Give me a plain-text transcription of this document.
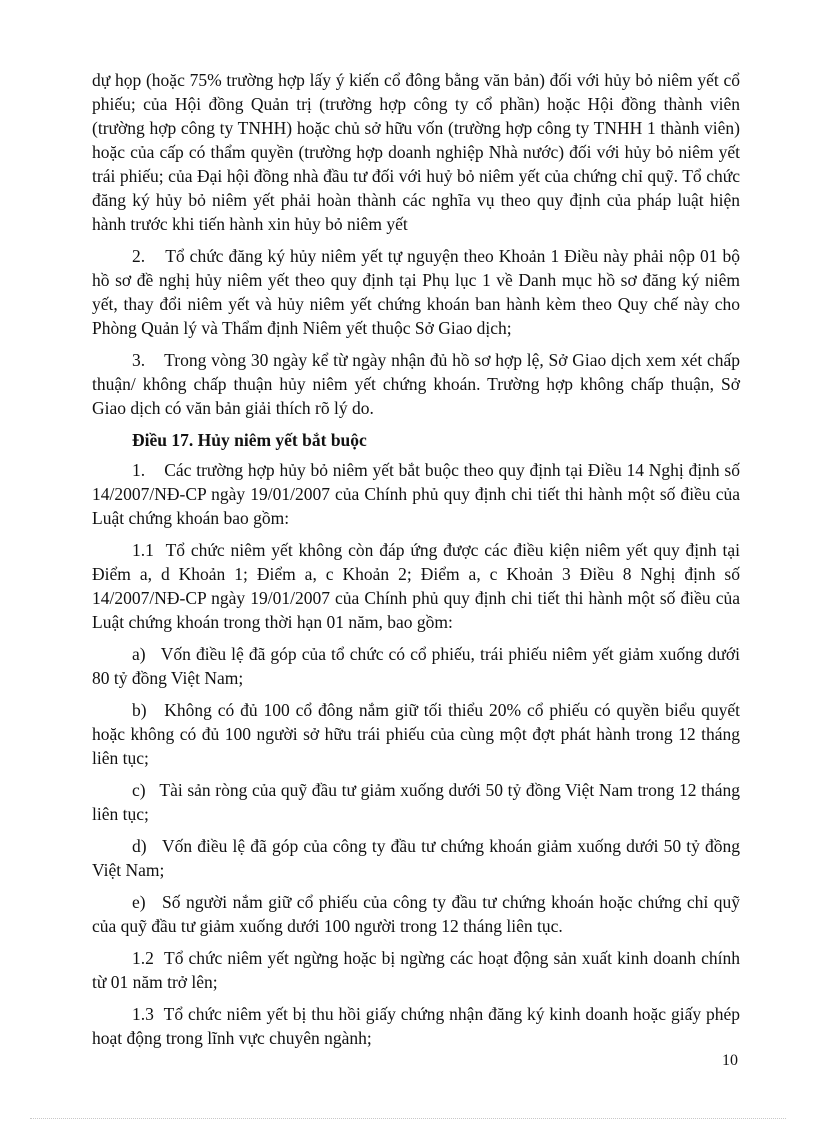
dự họp (hoặc 75% trường hợp lấy ý kiến cổ đông bằng văn bản) đối với hủy bỏ niêm yết cổ phiếu; của Hội đồng Quản trị (trường hợp công ty cổ phần) hoặc Hội đồng thành viên (trường hợp công ty TNHH) hoặc chủ sở hữu vốn (trường hợp công ty TNHH 1 thành viên) hoặc của cấp có thẩm quyền (trường hợp doanh nghiệp Nhà nước) đối với hủy bỏ niêm yết trái phiếu; của Đại hội đồng nhà đầu tư đối với huỷ bỏ niêm yết của chứng chỉ quỹ. Tổ chức đăng ký hủy bỏ niêm yết phải hoàn thành các nghĩa vụ theo quy định của pháp luật hiện hành trước khi tiến hành xin hủy bỏ niêm yết

2.    Tổ chức đăng ký hủy niêm yết tự nguyện theo Khoản 1 Điều này phải nộp 01 bộ hồ sơ đề nghị hủy niêm yết theo quy định tại Phụ lục 1 về Danh mục hồ sơ đăng ký niêm yết, thay đổi niêm yết và hủy niêm yết chứng khoán ban hành kèm theo Quy chế này cho Phòng Quản lý và Thẩm định Niêm yết thuộc Sở Giao dịch;

3.    Trong vòng 30 ngày kể từ ngày nhận đủ hồ sơ hợp lệ, Sở Giao dịch xem xét chấp thuận/ không chấp thuận hủy niêm yết chứng khoán. Trường hợp không chấp thuận, Sở Giao dịch có văn bản giải thích rõ lý do.

Điều 17. Hủy niêm yết bắt buộc

1.    Các trường hợp hủy bỏ niêm yết bắt buộc theo quy định tại Điều 14 Nghị định số 14/2007/NĐ-CP ngày 19/01/2007 của Chính phủ quy định chi tiết thi hành một số điều của Luật chứng khoán bao gồm:

1.1  Tổ chức niêm yết không còn đáp ứng được các điều kiện niêm yết quy định tại Điểm a, d Khoản 1; Điểm a, c Khoản 2; Điểm a, c Khoản 3 Điều 8 Nghị định số 14/2007/NĐ-CP ngày 19/01/2007 của Chính phủ quy định chi tiết thi hành một số điều của Luật chứng khoán trong thời hạn 01 năm, bao gồm:

a)   Vốn điều lệ đã góp của tổ chức có cổ phiếu, trái phiếu niêm yết giảm xuống dưới 80 tỷ đồng Việt Nam;

b)   Không có đủ 100 cổ đông nắm giữ tối thiểu 20% cổ phiếu có quyền biểu quyết hoặc không có đủ 100 người sở hữu trái phiếu của cùng một đợt phát hành trong 12 tháng liên tục;

c)   Tài sản ròng của quỹ đầu tư giảm xuống dưới 50 tỷ đồng Việt Nam trong 12 tháng liên tục;

d)   Vốn điều lệ đã góp của công ty đầu tư chứng khoán giảm xuống dưới 50 tỷ đồng Việt Nam;

e)   Số người nắm giữ cổ phiếu của công ty đầu tư chứng khoán hoặc chứng chỉ quỹ của quỹ đầu tư giảm xuống dưới 100 người trong 12 tháng liên tục.

1.2  Tổ chức niêm yết ngừng hoặc bị ngừng các hoạt động sản xuất kinh doanh chính từ 01 năm trở lên;

1.3  Tổ chức niêm yết bị thu hồi giấy chứng nhận đăng ký kinh doanh hoặc giấy phép hoạt động trong lĩnh vực chuyên ngành;

10
